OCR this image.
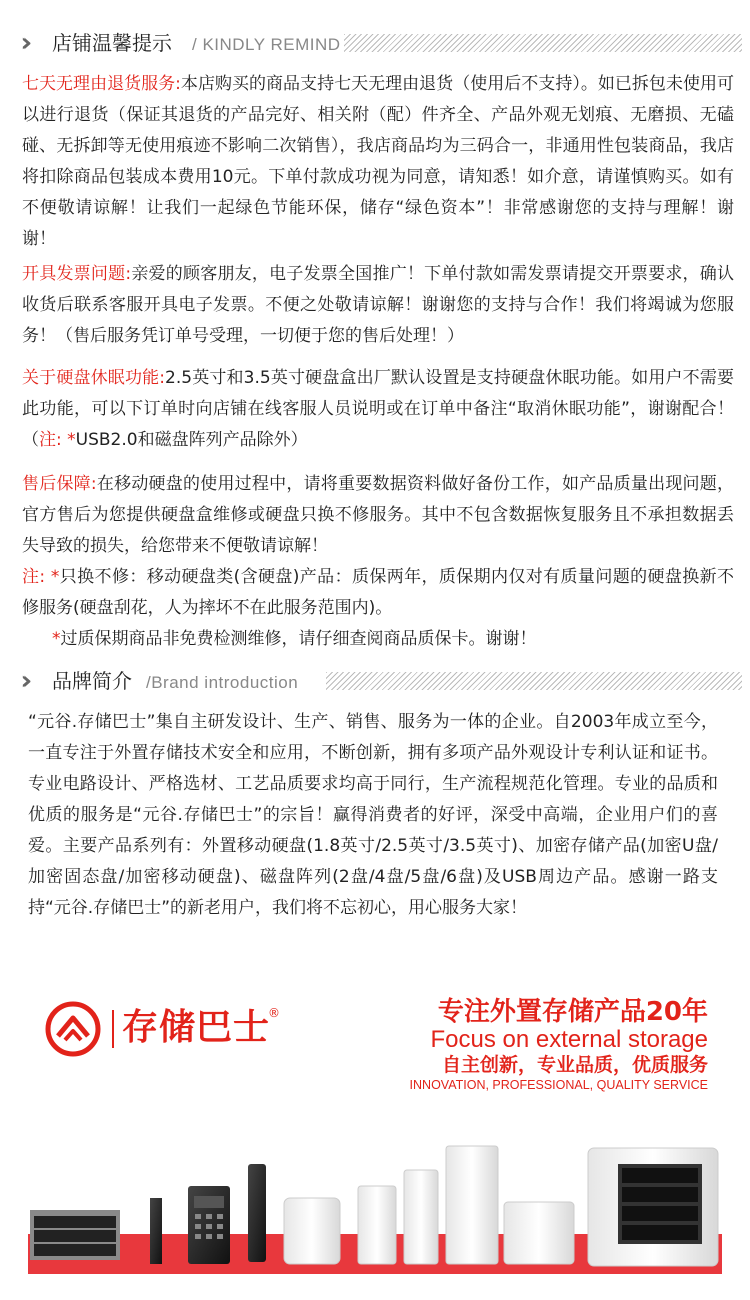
店铺温馨提示 / KINDLY REMIND
七天无理由退货服务:本店购买的商品支持七天无理由退货（使用后不支持）。如已拆包未使用可以进行退货（保证其退货的产品完好、相关附（配）件齐全、产品外观无划痕、无磨损、无磕碰、无拆卸等无使用痕迹不影响二次销售），我店商品均为三码合一，非通用性包装商品，我店将扣除商品包装成本费用10元。下单付款成功视为同意，请知悉！如介意，请谨慎购买。如有不便敬请谅解！让我们一起绿色节能环保，储存“绿色资本”！非常感谢您的支持与理解！谢谢！
开具发票问题:亲爱的顾客朋友，电子发票全国推广！下单付款如需发票请提交开票要求，确认收货后联系客服开具电子发票。不便之处敬请谅解！谢谢您的支持与合作！我们将竭诚为您服务！（售后服务凭订单号受理，一切便于您的售后处理！）
关于硬盘休眠功能:2.5英寸和3.5英寸硬盘盒出厂默认设置是支持硬盘休眠功能。如用户不需要此功能，可以下订单时向店铺在线客服人员说明或在订单中备注“取消休眠功能”，谢谢配合！（注: *USB2.0和磁盘阵列产品除外）
售后保障:在移动硬盘的使用过程中，请将重要数据资料做好备份工作，如产品质量出现问题，官方售后为您提供硬盘盒维修或硬盘只换不修服务。其中不包含数据恢复服务且不承担数据丢失导致的损失，给您带来不便敬请谅解！
注: *只换不修：移动硬盘类(含硬盘)产品：质保两年，质保期内仅对有质量问题的硬盘换新不修服务(硬盘刮花，人为摔坏不在此服务范围内)。
*过质保期商品非免费检测维修，请仔细查阅商品质保卡。谢谢！
品牌简介 /Brand introduction
“元谷.存储巴士”集自主研发设计、生产、销售、服务为一体的企业。自2003年成立至今，一直专注于外置存储技术安全和应用，不断创新，拥有多项产品外观设计专利认证和证书。专业电路设计、严格选材、工艺品质要求均高于同行，生产流程规范化管理。专业的品质和优质的服务是“元谷.存储巴士”的宗旨！赢得消费者的好评，深受中高端，企业用户们的喜爱。主要产品系列有：外置移动硬盘(1.8英寸/2.5英寸/3.5英寸)、加密存储产品(加密U盘/加密固态盘/加密移动硬盘)、磁盘阵列(2盘/4盘/5盘/6盘)及USB周边产品。感谢一路支持“元谷.存储巴士”的新老用户，我们将不忘初心，用心服务大家！
存储巴士
®	专注外置存储产品20年
Focus on external storage
自主创新，专业品质，优质服务
INNOVATION, PROFESSIONAL, QUALITY SERVICE
